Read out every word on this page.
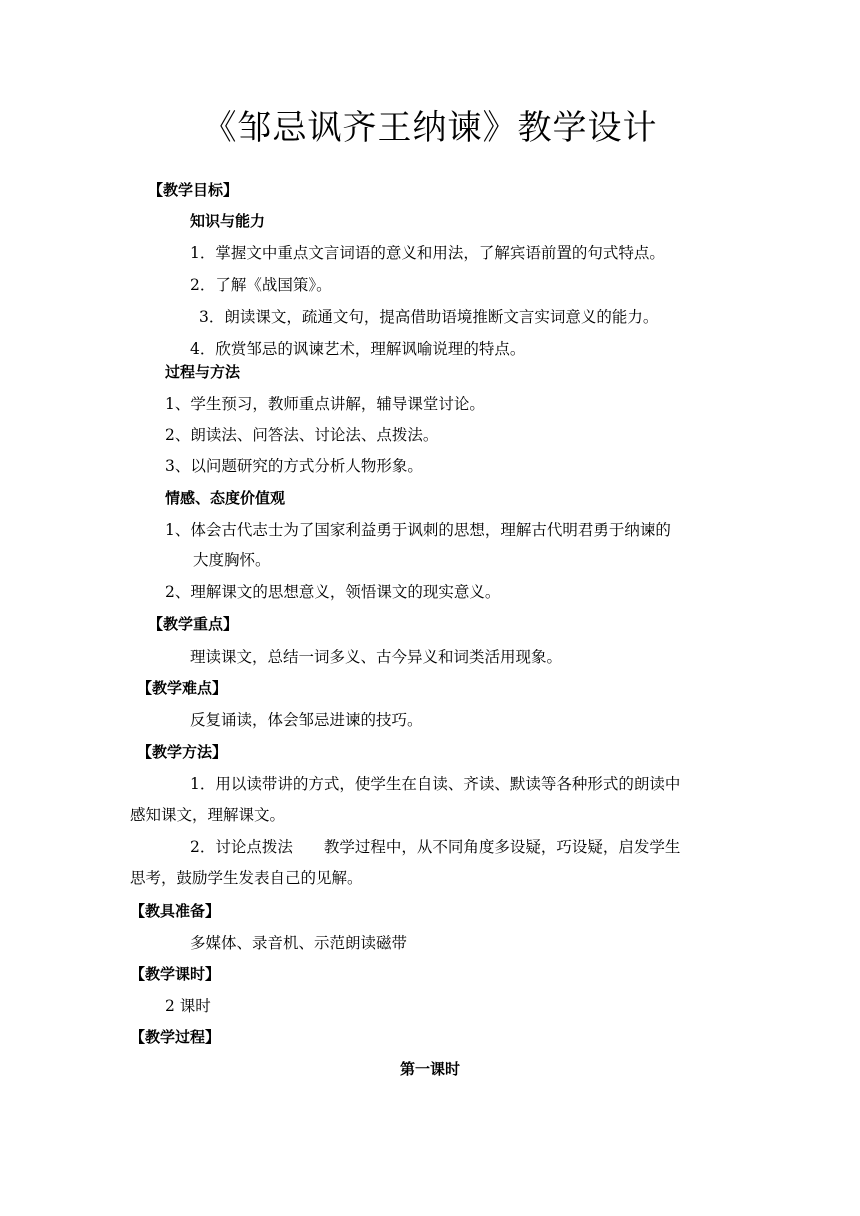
《邹忌讽齐王纳谏》教学设计
【教学目标】
知识与能力
1．掌握文中重点文言词语的意义和用法，了解宾语前置的句式特点。
2．了解《战国策》。
3．朗读课文，疏通文句，提高借助语境推断文言实词意义的能力。
4．欣赏邹忌的讽谏艺术，理解讽喻说理的特点。
过程与方法
1、学生预习，教师重点讲解，辅导课堂讨论。
2、朗读法、问答法、讨论法、点拨法。
3、以问题研究的方式分析人物形象。
情感、态度价值观
1、体会古代志士为了国家利益勇于讽刺的思想，理解古代明君勇于纳谏的
大度胸怀。
2、理解课文的思想意义，领悟课文的现实意义。
【教学重点】
理读课文，总结一词多义、古今异义和词类活用现象。
【教学难点】
反复诵读，体会邹忌进谏的技巧。
【教学方法】
1．用以读带讲的方式，使学生在自读、齐读、默读等各种形式的朗读中
感知课文，理解课文。
2．讨论点拨法　　教学过程中，从不同角度多设疑，巧设疑，启发学生
思考，鼓励学生发表自己的见解。
【教具准备】
多媒体、录音机、示范朗读磁带
【教学课时】
2 课时
【教学过程】
第一课时
